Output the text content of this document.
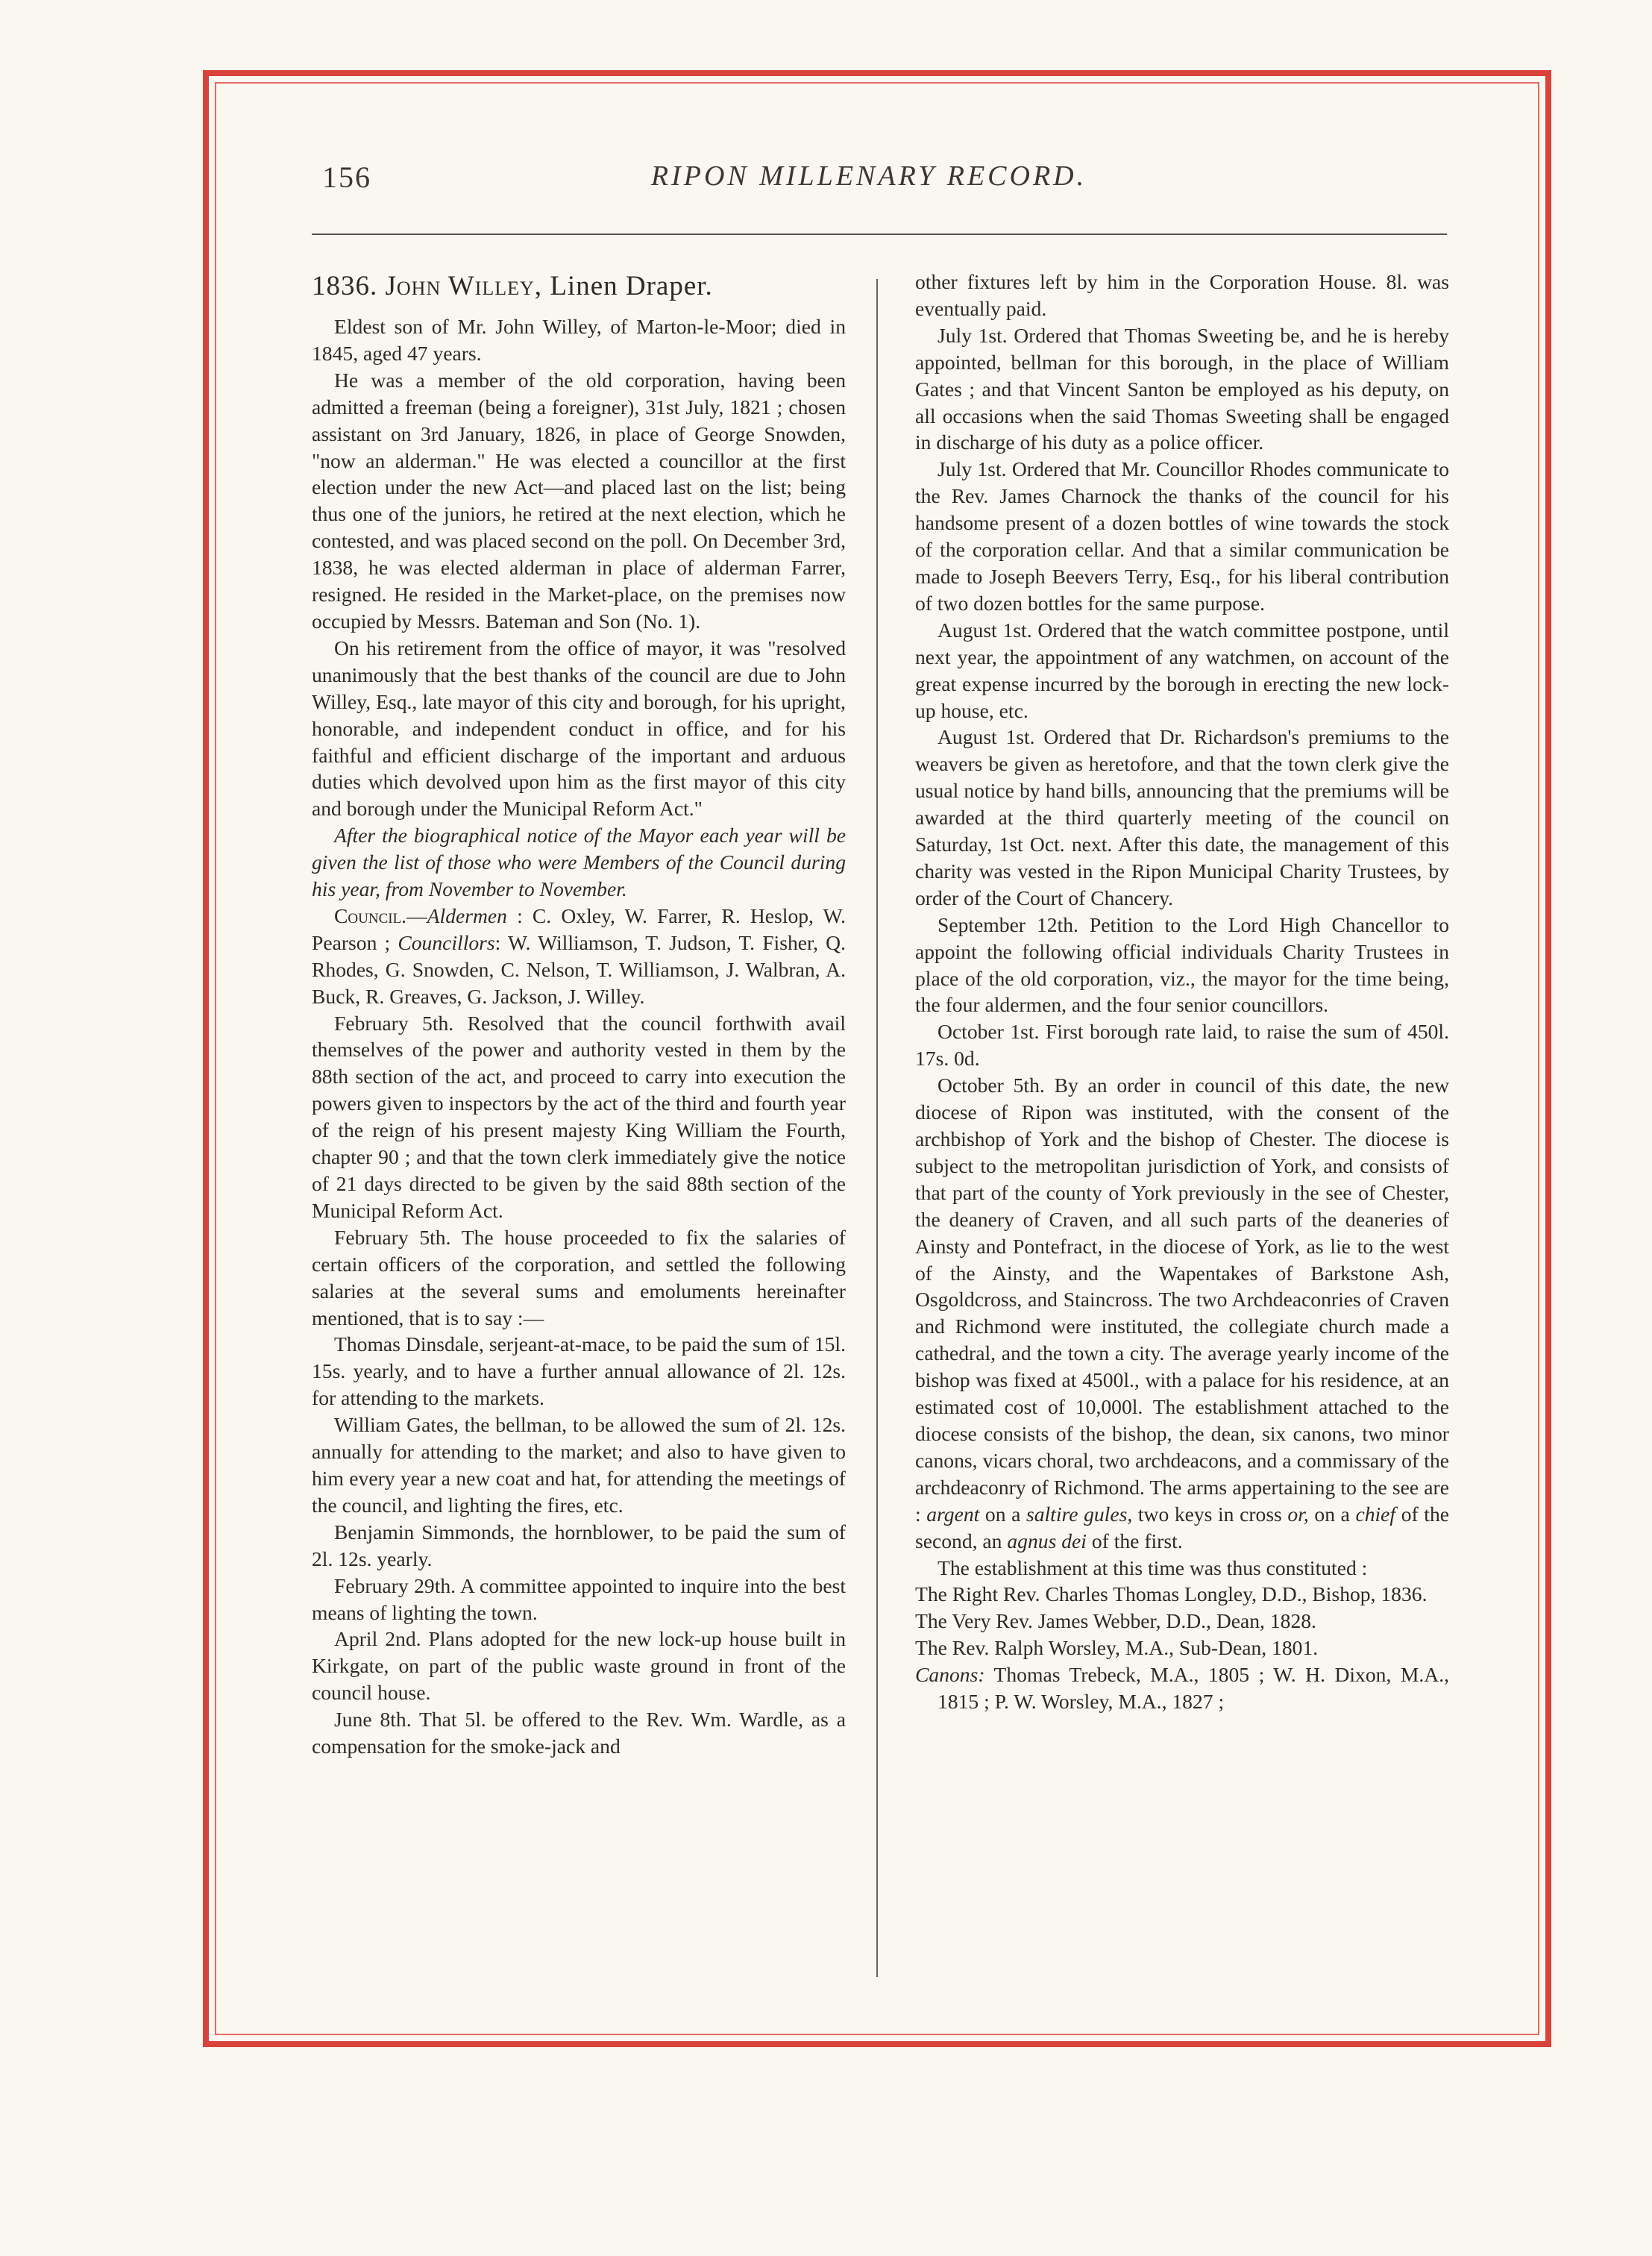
156	RIPON MILLENARY RECORD.
1836. John Willey, Linen Draper.

Eldest son of Mr. John Willey, of Marton-le-Moor; died in 1845, aged 47 years.

He was a member of the old corporation, having been admitted a freeman (being a foreigner), 31st July, 1821 ; chosen assistant on 3rd January, 1826, in place of George Snowden, "now an alderman." He was elected a councillor at the first election under the new Act—and placed last on the list; being thus one of the juniors, he retired at the next election, which he contested, and was placed second on the poll. On December 3rd, 1838, he was elected alderman in place of alderman Farrer, resigned. He resided in the Market-place, on the premises now occupied by Messrs. Bateman and Son (No. 1).

On his retirement from the office of mayor, it was "resolved unanimously that the best thanks of the council are due to John Willey, Esq., late mayor of this city and borough, for his upright, honorable, and independent conduct in office, and for his faithful and efficient discharge of the important and arduous duties which devolved upon him as the first mayor of this city and borough under the Municipal Reform Act."

After the biographical notice of the Mayor each year will be given the list of those who were Members of the Council during his year, from November to November.

Council.—Aldermen : C. Oxley, W. Farrer, R. Heslop, W. Pearson ; Councillors: W. Williamson, T. Judson, T. Fisher, Q. Rhodes, G. Snowden, C. Nelson, T. Williamson, J. Walbran, A. Buck, R. Greaves, G. Jackson, J. Willey.

February 5th. Resolved that the council forthwith avail themselves of the power and authority vested in them by the 88th section of the act, and proceed to carry into execution the powers given to inspectors by the act of the third and fourth year of the reign of his present majesty King William the Fourth, chapter 90 ; and that the town clerk immediately give the notice of 21 days directed to be given by the said 88th section of the Municipal Reform Act.

February 5th. The house proceeded to fix the salaries of certain officers of the corporation, and settled the following salaries at the several sums and emoluments hereinafter mentioned, that is to say :—

Thomas Dinsdale, serjeant-at-mace, to be paid the sum of 15l. 15s. yearly, and to have a further annual allowance of 2l. 12s. for attending to the markets.

William Gates, the bellman, to be allowed the sum of 2l. 12s. annually for attending to the market; and also to have given to him every year a new coat and hat, for attending the meetings of the council, and lighting the fires, etc.

Benjamin Simmonds, the hornblower, to be paid the sum of 2l. 12s. yearly.

February 29th. A committee appointed to inquire into the best means of lighting the town.

April 2nd. Plans adopted for the new lock-up house built in Kirkgate, on part of the public waste ground in front of the council house.

June 8th. That 5l. be offered to the Rev. Wm. Wardle, as a compensation for the smoke-jack and

other fixtures left by him in the Corporation House. 8l. was eventually paid.

July 1st. Ordered that Thomas Sweeting be, and he is hereby appointed, bellman for this borough, in the place of William Gates ; and that Vincent Santon be employed as his deputy, on all occasions when the said Thomas Sweeting shall be engaged in discharge of his duty as a police officer.

July 1st. Ordered that Mr. Councillor Rhodes communicate to the Rev. James Charnock the thanks of the council for his handsome present of a dozen bottles of wine towards the stock of the corporation cellar. And that a similar communication be made to Joseph Beevers Terry, Esq., for his liberal contribution of two dozen bottles for the same purpose.

August 1st. Ordered that the watch committee postpone, until next year, the appointment of any watchmen, on account of the great expense incurred by the borough in erecting the new lock-up house, etc.

August 1st. Ordered that Dr. Richardson's premiums to the weavers be given as heretofore, and that the town clerk give the usual notice by hand bills, announcing that the premiums will be awarded at the third quarterly meeting of the council on Saturday, 1st Oct. next. After this date, the management of this charity was vested in the Ripon Municipal Charity Trustees, by order of the Court of Chancery.

September 12th. Petition to the Lord High Chancellor to appoint the following official individuals Charity Trustees in place of the old corporation, viz., the mayor for the time being, the four aldermen, and the four senior councillors.

October 1st. First borough rate laid, to raise the sum of 450l. 17s. 0d.

October 5th. By an order in council of this date, the new diocese of Ripon was instituted, with the consent of the archbishop of York and the bishop of Chester. The diocese is subject to the metropolitan jurisdiction of York, and consists of that part of the county of York previously in the see of Chester, the deanery of Craven, and all such parts of the deaneries of Ainsty and Pontefract, in the diocese of York, as lie to the west of the Ainsty, and the Wapentakes of Barkstone Ash, Osgoldcross, and Staincross. The two Archdeaconries of Craven and Richmond were instituted, the collegiate church made a cathedral, and the town a city. The average yearly income of the bishop was fixed at 4500l., with a palace for his residence, at an estimated cost of 10,000l. The establishment attached to the diocese consists of the bishop, the dean, six canons, two minor canons, vicars choral, two archdeacons, and a commissary of the archdeaconry of Richmond. The arms appertaining to the see are : argent on a saltire gules, two keys in cross or, on a chief of the second, an agnus dei of the first.

The establishment at this time was thus constituted :

The Right Rev. Charles Thomas Longley, D.D., Bishop, 1836.

The Very Rev. James Webber, D.D., Dean, 1828.

The Rev. Ralph Worsley, M.A., Sub-Dean, 1801.

Canons: Thomas Trebeck, M.A., 1805 ; W. H. Dixon, M.A., 1815 ; P. W. Worsley, M.A., 1827 ;
